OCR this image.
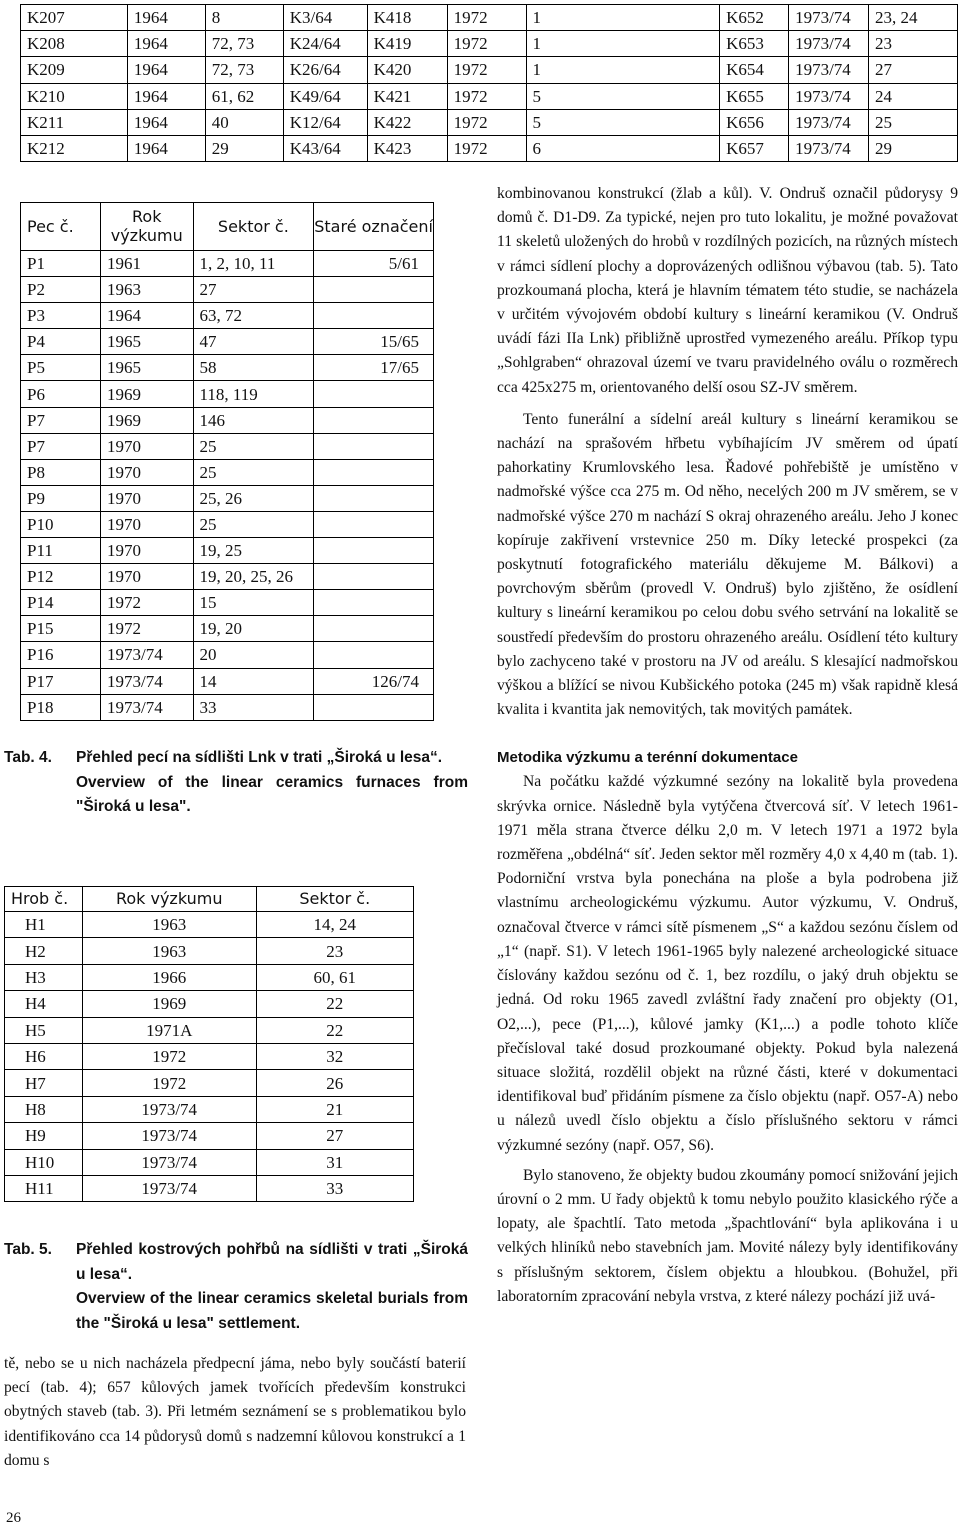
K207	1964	8	K3/64	K418	1972	1	K652	1973/74	23, 24
K208	1964	72, 73	K24/64	K419	1972	1	K653	1973/74	23
K209	1964	72, 73	K26/64	K420	1972	1	K654	1973/74	27
K210	1964	61, 62	K49/64	K421	1972	5	K655	1973/74	24
K211	1964	40	K12/64	K422	1972	5	K656	1973/74	25
K212	1964	29	K43/64	K423	1972	6	K657	1973/74	29
Pec č.	Rok výzkumu	Sektor č.	Staré označení
P1	1961	1, 2, 10, 11	5/61
P2	1963	27	
P3	1964	63, 72	
P4	1965	47	15/65
P5	1965	58	17/65
P6	1969	118, 119	
P7	1969	146	
P7	1970	25	
P8	1970	25	
P9	1970	25, 26	
P10	1970	25	
P11	1970	19, 25	
P12	1970	19, 20, 25, 26	
P14	1972	15	
P15	1972	19, 20	
P16	1973/74	20	
P17	1973/74	14	126/74
P18	1973/74	33	
Tab. 4. Přehled pecí na sídlišti Lnk v trati „Široká u lesa“.
Overview of the linear ceramics furnaces from "Široká u lesa".
Hrob č.	Rok výzkumu	Sektor č.
H1	1963	14, 24
H2	1963	23
H3	1966	60, 61
H4	1969	22
H5	1971A	22
H6	1972	32
H7	1972	26
H8	1973/74	21
H9	1973/74	27
H10	1973/74	31
H11	1973/74	33
Tab. 5. Přehled kostrových pohřbů na sídlišti v trati „Široká u lesa“.
Overview of the linear ceramics skeletal burials from the "Široká u lesa" settlement.

tě, nebo se u nich nacházela předpecní jáma, nebo byly součástí baterií pecí (tab. 4); 657 kůlových jamek tvořících především konstrukci obytných staveb (tab. 3). Při letmém seznámení se s problematikou bylo identifikováno cca 14 půdorysů domů s nadzemní kůlovou konstrukcí a 1 domu s

kombinovanou konstrukcí (žlab a kůl). V. Ondruš označil půdorysy 9 domů č. D1-D9. Za typické, nejen pro tuto lokalitu, je možné považovat 11 skeletů uložených do hrobů v rozdílných pozicích, na různých místech v rámci sídlení plochy a doprovázených odlišnou výbavou (tab. 5). Tato prozkoumaná plocha, která je hlavním tématem této studie, se nacházela v určitém vývojovém období kultury s lineární keramikou (V. Ondruš uvádí fázi IIa Lnk) přibližně uprostřed vymezeného areálu. Příkop typu „Sohlgraben“ ohrazoval území ve tvaru pravidelného oválu o rozměrech cca 425x275 m, orientovaného delší osou SZ-JV směrem.

Tento funerální a sídelní areál kultury s lineární keramikou se nachází na sprašovém hřbetu vybíhajícím JV směrem od úpatí pahorkatiny Krumlovského lesa. Řadové pohřebiště je umístěno v nadmořské výšce cca 275 m. Od něho, necelých 200 m JV směrem, se v nadmořské výšce 270 m nachází S okraj ohrazeného areálu. Jeho J konec kopíruje zakřivení vrstevnice 250 m. Díky letecké prospekci (za poskytnutí fotografického materiálu děkujeme M. Bálkovi) a povrchovým sběrům (provedl V. Ondruš) bylo zjištěno, že osídlení kultury s lineární keramikou po celou dobu svého setrvání na lokalitě se soustředí především do prostoru ohrazeného areálu. Osídlení této kultury bylo zachyceno také v prostoru na JV od areálu. S klesající nadmořskou výškou a blížící se nivou Kubšického potoka (245 m) však rapidně klesá kvalita i kvantita jak nemovitých, tak movitých památek.

Metodika výzkumu a terénní dokumentace

Na počátku každé výzkumné sezóny na lokalitě byla provedena skrývka ornice. Následně byla vytýčena čtvercová síť. V letech 1961-1971 měla strana čtverce délku 2,0 m. V letech 1971 a 1972 byla rozměřena „obdélná“ síť. Jeden sektor měl rozměry 4,0 x 4,40 m (tab. 1). Podorniční vrstva byla ponechána na ploše a byla podrobena již vlastnímu archeologickému výzkumu. Autor výzkumu, V. Ondruš, označoval čtverce v rámci sítě písmenem „S“ a každou sezónu číslem od „1“ (např. S1). V letech 1961-1965 byly nalezené archeologické situace číslovány každou sezónu od č. 1, bez rozdílu, o jaký druh objektu se jedná. Od roku 1965 zavedl zvláštní řady značení pro objekty (O1, O2,...), pece (P1,...), kůlové jamky (K1,...) a podle tohoto klíče přečísloval také dosud prozkoumané objekty. Pokud byla nalezená situace složitá, rozdělil objekt na různé části, které v dokumentaci identifikoval buď přidáním písmene za číslo objektu (např. O57-A) nebo u nálezů uvedl číslo objektu a číslo příslušného sektoru v rámci výzkumné sezóny (např. O57, S6).

Bylo stanoveno, že objekty budou zkoumány pomocí snižování jejich úrovní o 2 mm. U řady objektů k tomu nebylo použito klasického rýče a lopaty, ale špachtlí. Tato metoda „špachtlování“ byla aplikována i u velkých hliníků nebo stavebních jam. Movité nálezy byly identifikovány s příslušným sektorem, číslem objektu a hloubkou. (Bohužel, při laboratorním zpracování nebyla vrstva, z které nálezy pochází již uvá-

26
